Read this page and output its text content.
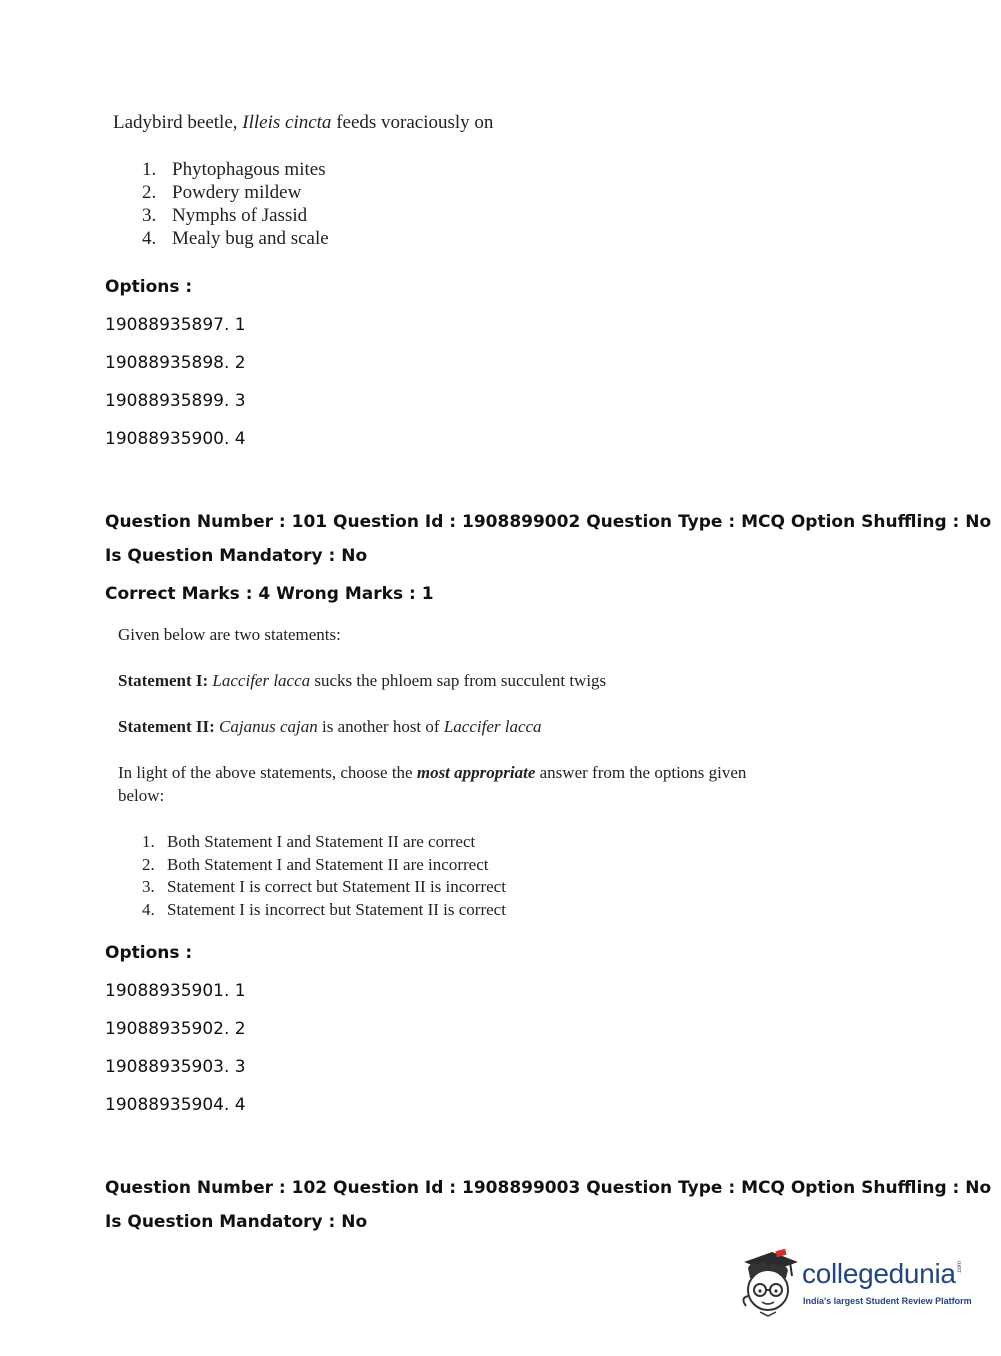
Ladybird beetle, Illeis cincta feeds voraciously on
1. Phytophagous mites
2. Powdery mildew
3. Nymphs of Jassid
4. Mealy bug and scale
Options :
19088935897. 1
19088935898. 2
19088935899. 3
19088935900. 4
Question Number : 101 Question Id : 1908899002 Question Type : MCQ Option Shuffling : No
Is Question Mandatory : No
Correct Marks : 4 Wrong Marks : 1
Given below are two statements:
Statement I: Laccifer lacca sucks the phloem sap from succulent twigs
Statement II: Cajanus cajan is another host of Laccifer lacca
In light of the above statements, choose the most appropriate answer from the options given
below:
1. Both Statement I and Statement II are correct
2. Both Statement I and Statement II are incorrect
3. Statement I is correct but Statement II is incorrect
4. Statement I is incorrect but Statement II is correct
Options :
19088935901. 1
19088935902. 2
19088935903. 3
19088935904. 4
Question Number : 102 Question Id : 1908899003 Question Type : MCQ Option Shuffling : No
Is Question Mandatory : No
collegedunia .com
India's largest Student Review Platform
